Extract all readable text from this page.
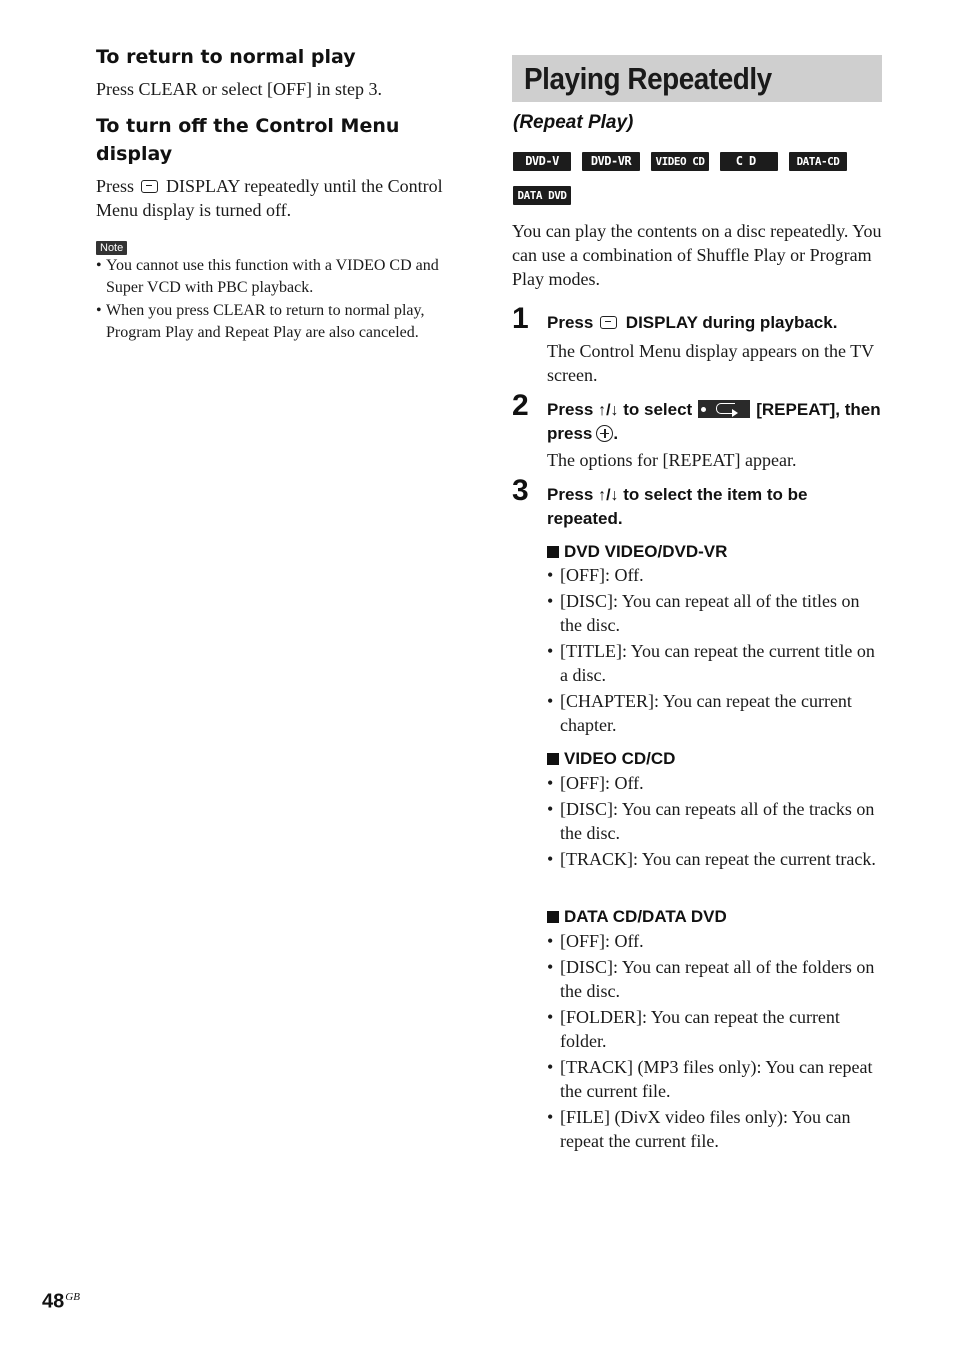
To return to normal play
Press CLEAR or select [OFF] in step 3.
To turn off the Control Menu display
Press DISPLAY repeatedly until the Control Menu display is turned off.
Note
• You cannot use this function with a VIDEO CD and Super VCD with PBC playback.
• When you press CLEAR to return to normal play, Program Play and Repeat Play are also canceled.
Playing Repeatedly
(Repeat Play)
DVD-V	DVD-VR	VIDEO CD	CD	DATA-CD
DATA DVD
You can play the contents on a disc repeatedly. You can use a combination of Shuffle Play or Program Play modes.
1 Press DISPLAY during playback.
The Control Menu display appears on the TV screen.
2 Press ↑/↓ to select	[REPEAT], then press .
The options for [REPEAT] appear.
3 Press ↑/↓ to select the item to be repeated.
DVD VIDEO/DVD-VR
• [OFF]: Off.
• [DISC]: You can repeat all of the titles on the disc.
• [TITLE]: You can repeat the current title on a disc.
• [CHAPTER]: You can repeat the current chapter.
VIDEO CD/CD
• [OFF]: Off.
• [DISC]: You can repeats all of the tracks on the disc.
• [TRACK]: You can repeat the current track.
DATA CD/DATA DVD
• [OFF]: Off.
• [DISC]: You can repeat all of the folders on the disc.
• [FOLDER]: You can repeat the current folder.
• [TRACK] (MP3 files only): You can repeat the current file.
• [FILE] (DivX video files only): You can repeat the current file.
$48^{GB}$
